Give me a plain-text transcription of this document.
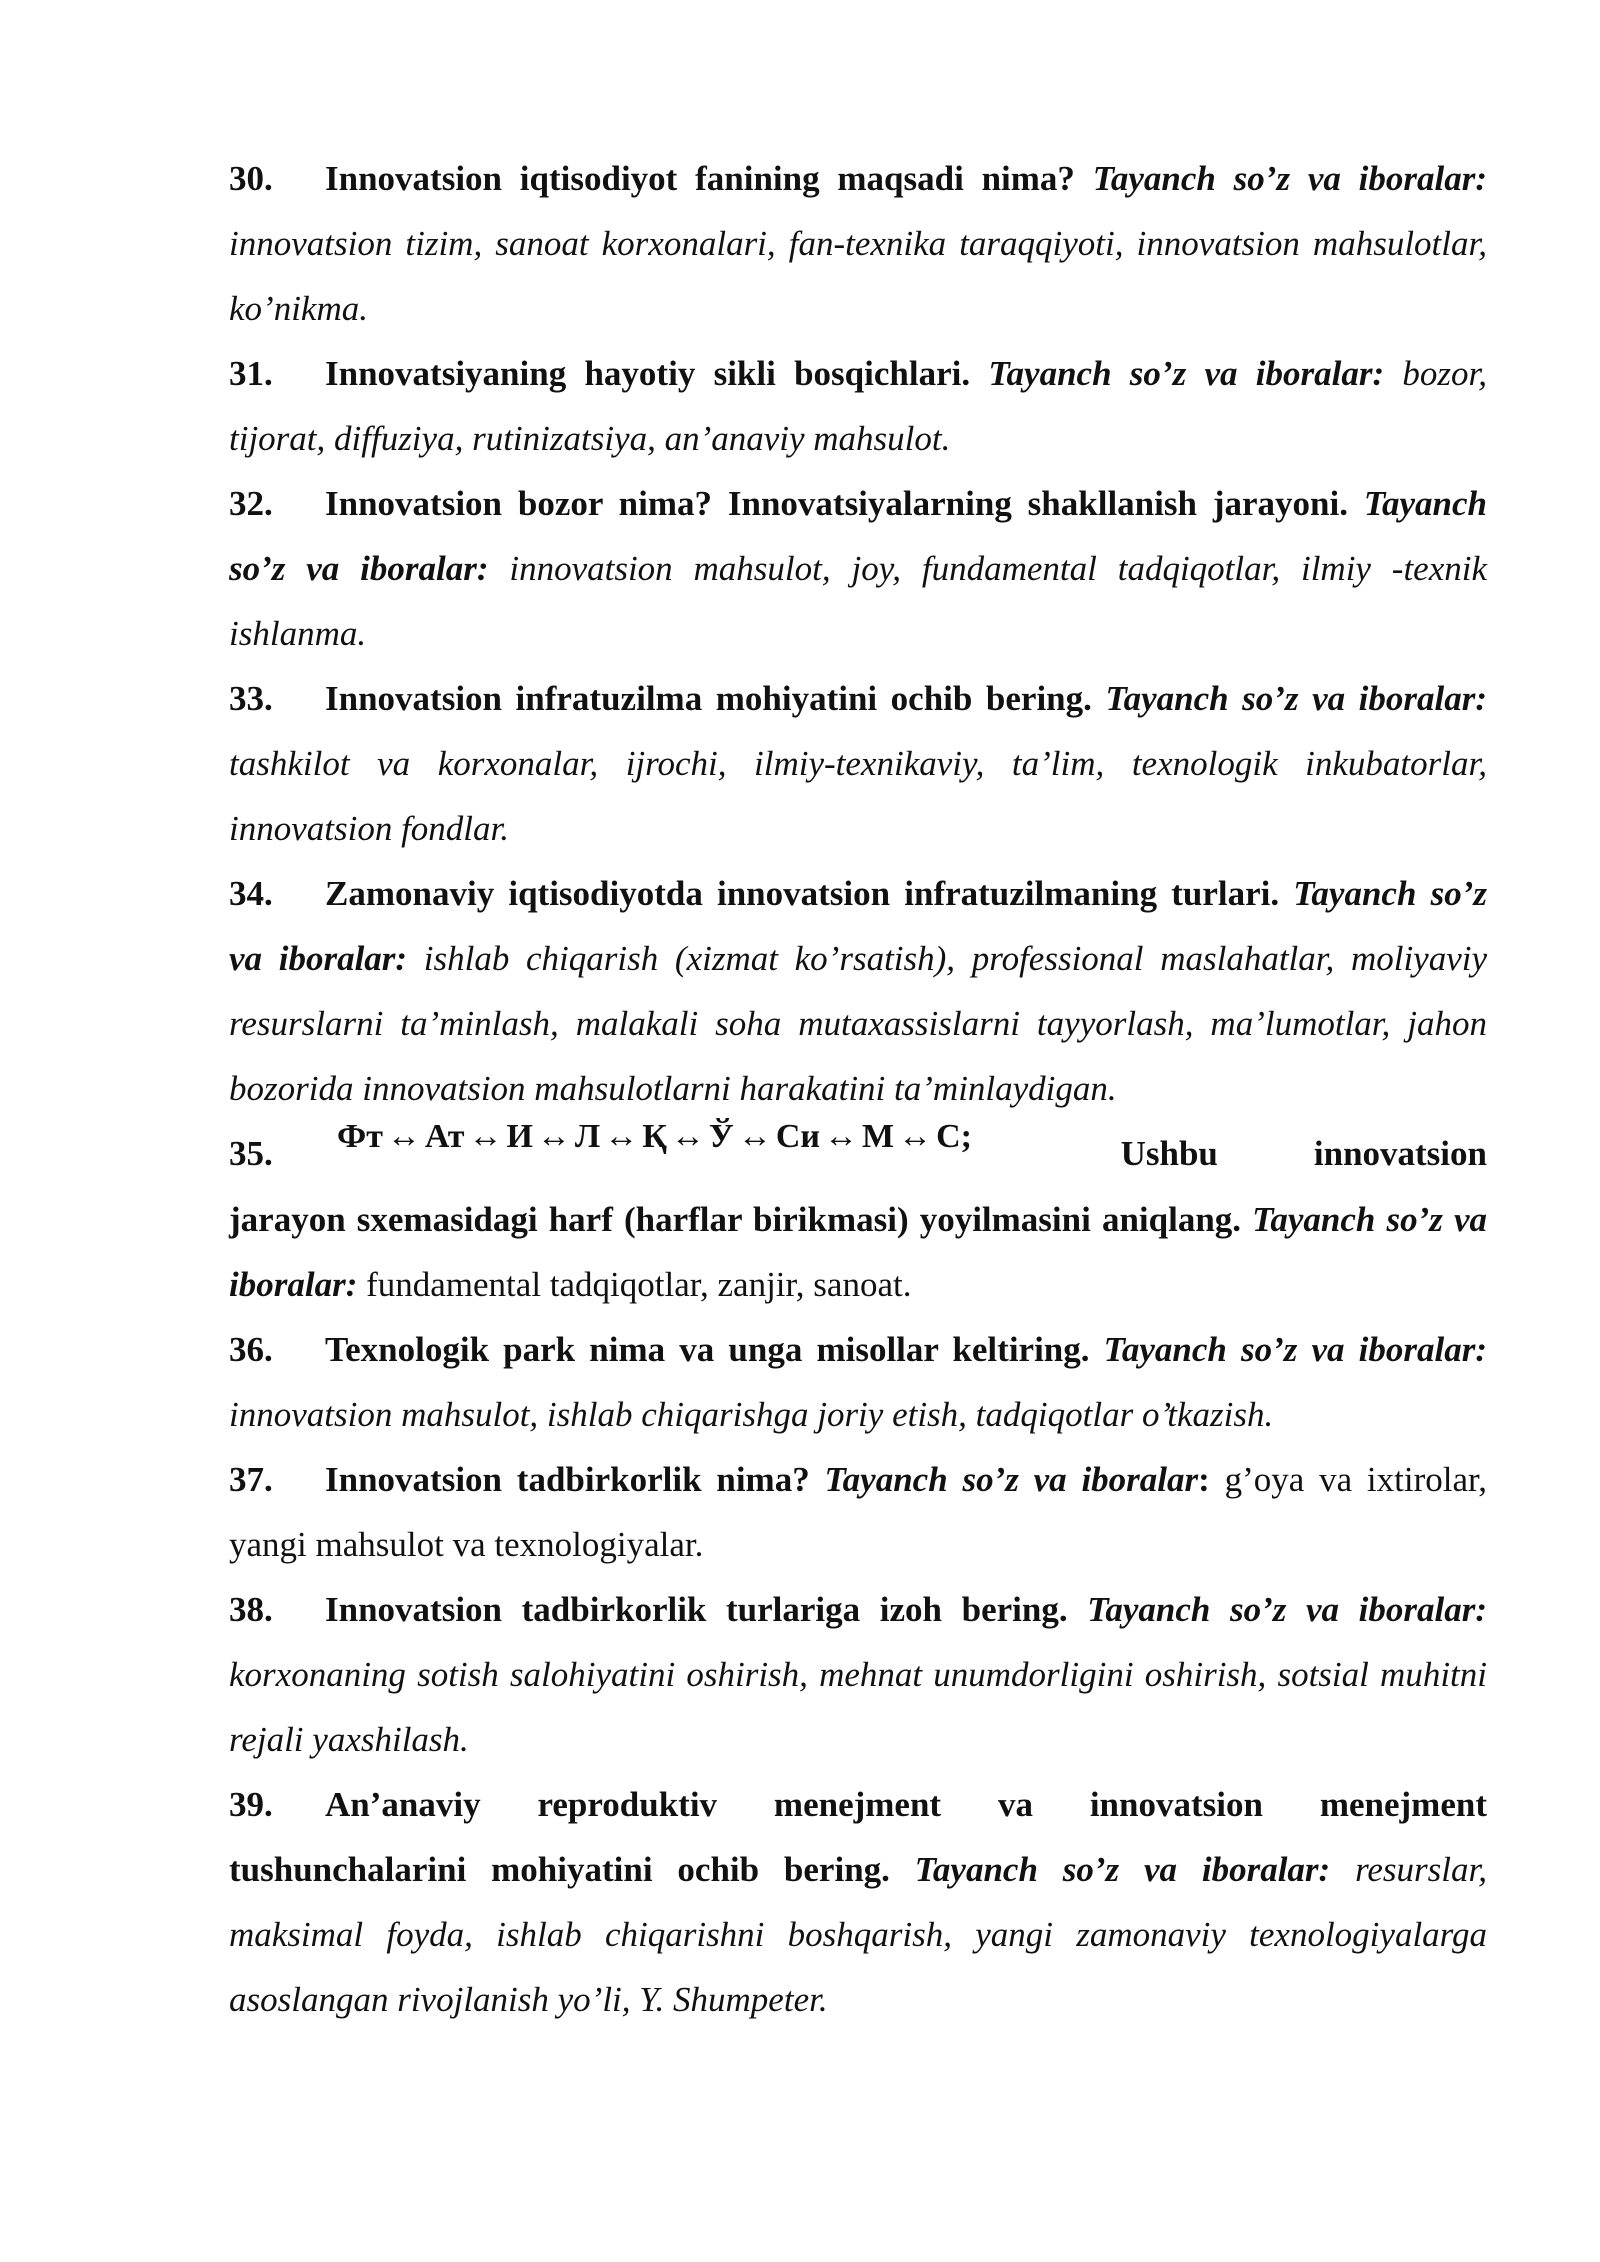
30. Innovatsion iqtisodiyot fanining maqsadi nima? Tayanch so’z va iboralar: innovatsion tizim, sanoat korxonalari, fan-texnika taraqqiyoti, innovatsion mahsulotlar, ko’nikma.

31. Innovatsiyaning hayotiy sikli bosqichlari. Tayanch so’z va iboralar: bozor, tijorat, diffuziya, rutinizatsiya, an’anaviy mahsulot.

32. Innovatsion bozor nima? Innovatsiyalarning shakllanish jarayoni. Tayanch so’z va iboralar: innovatsion mahsulot, joy, fundamental tadqiqotlar, ilmiy -texnik ishlanma.

33. Innovatsion infratuzilma mohiyatini ochib bering. Tayanch so’z va iboralar: tashkilot va korxonalar, ijrochi, ilmiy-texnikaviy, ta’lim, texnologik inkubatorlar, innovatsion fondlar.

34. Zamonaviy iqtisodiyotda innovatsion infratuzilmaning turlari. Tayanch so’z va iboralar: ishlab chiqarish (xizmat ko’rsatish), professional maslahatlar, moliyaviy resurslarni ta’minlash, malakali soha mutaxassislarni tayyorlash, ma’lumotlar, jahon bozorida innovatsion mahsulotlarni harakatini ta’minlaydigan.

35.	Фт ↔ Ат ↔ И ↔ Л ↔ Қ ↔ Ў ↔ Си ↔ М ↔ С;	Ushbu	innovatsion

jarayon sxemasidagi harf (harflar birikmasi) yoyilmasini aniqlang. Tayanch so’z va iboralar: fundamental tadqiqotlar, zanjir, sanoat.

36. Texnologik park nima va unga misollar keltiring. Tayanch so’z va iboralar: innovatsion mahsulot, ishlab chiqarishga joriy etish, tadqiqotlar o’tkazish.

37. Innovatsion tadbirkorlik nima? Tayanch so’z va iboralar: g’oya va ixtirolar, yangi mahsulot va texnologiyalar.

38. Innovatsion tadbirkorlik turlariga izoh bering. Tayanch so’z va iboralar: korxonaning sotish salohiyatini oshirish, mehnat unumdorligini oshirish, sotsial muhitni rejali yaxshilash.

39. An’anaviy reproduktiv menejment va innovatsion menejment tushunchalarini mohiyatini ochib bering. Tayanch so’z va iboralar: resurslar, maksimal foyda, ishlab chiqarishni boshqarish, yangi zamonaviy texnologiyalarga asoslangan rivojlanish yo’li, Y. Shumpeter.
